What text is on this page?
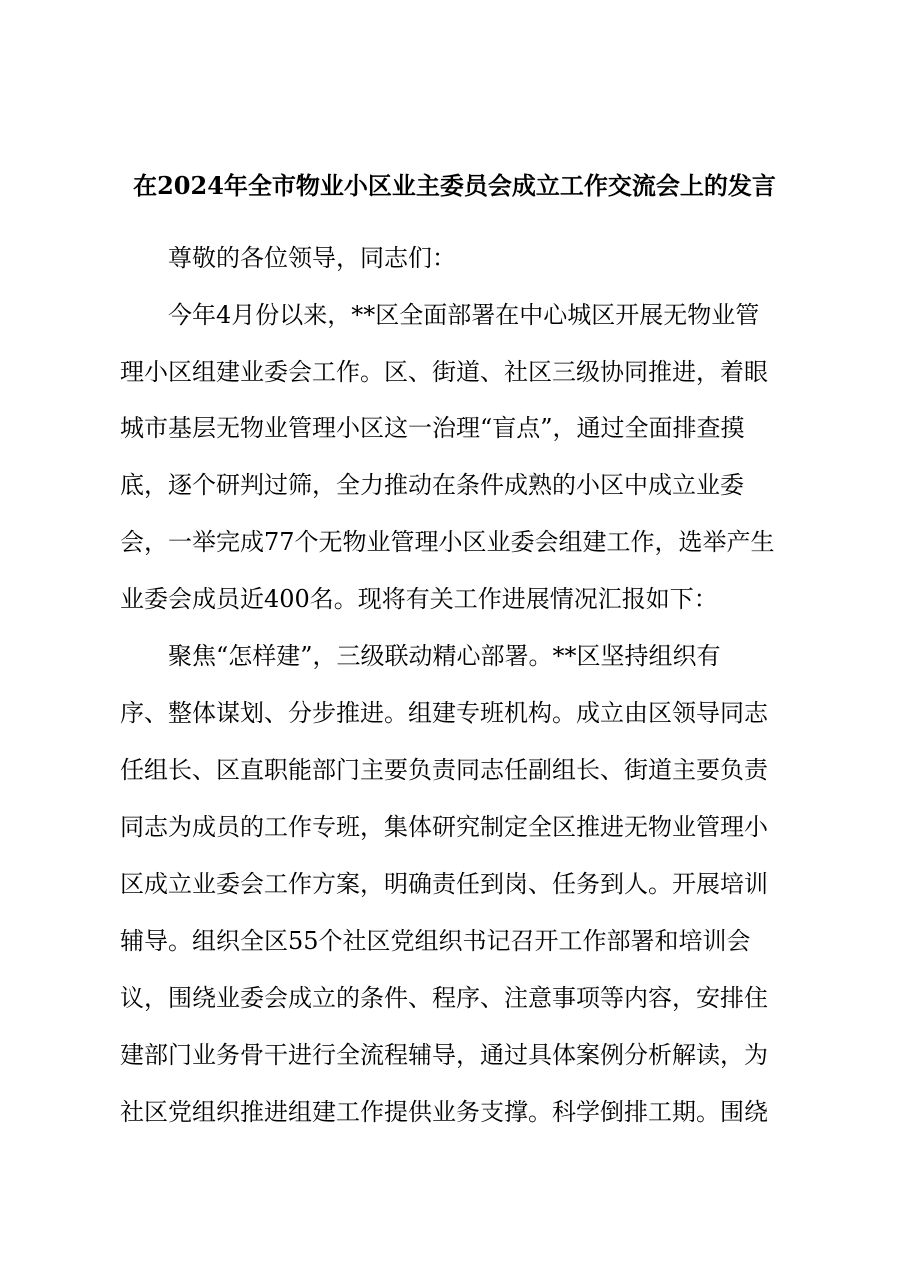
在2024年全市物业小区业主委员会成立工作交流会上的发言
尊敬的各位领导，同志们：
今年4月份以来，**区全面部署在中心城区开展无物业管
理小区组建业委会工作。区、街道、社区三级协同推进，着眼
城市基层无物业管理小区这一治理“盲点”，通过全面排查摸
底，逐个研判过筛，全力推动在条件成熟的小区中成立业委
会，一举完成77个无物业管理小区业委会组建工作，选举产生
业委会成员近400名。现将有关工作进展情况汇报如下：
聚焦“怎样建”，三级联动精心部署。**区坚持组织有
序、整体谋划、分步推进。组建专班机构。成立由区领导同志
任组长、区直职能部门主要负责同志任副组长、街道主要负责
同志为成员的工作专班，集体研究制定全区推进无物业管理小
区成立业委会工作方案，明确责任到岗、任务到人。开展培训
辅导。组织全区55个社区党组织书记召开工作部署和培训会
议，围绕业委会成立的条件、程序、注意事项等内容，安排住
建部门业务骨干进行全流程辅导，通过具体案例分析解读，为
社区党组织推进组建工作提供业务支撑。科学倒排工期。围绕
